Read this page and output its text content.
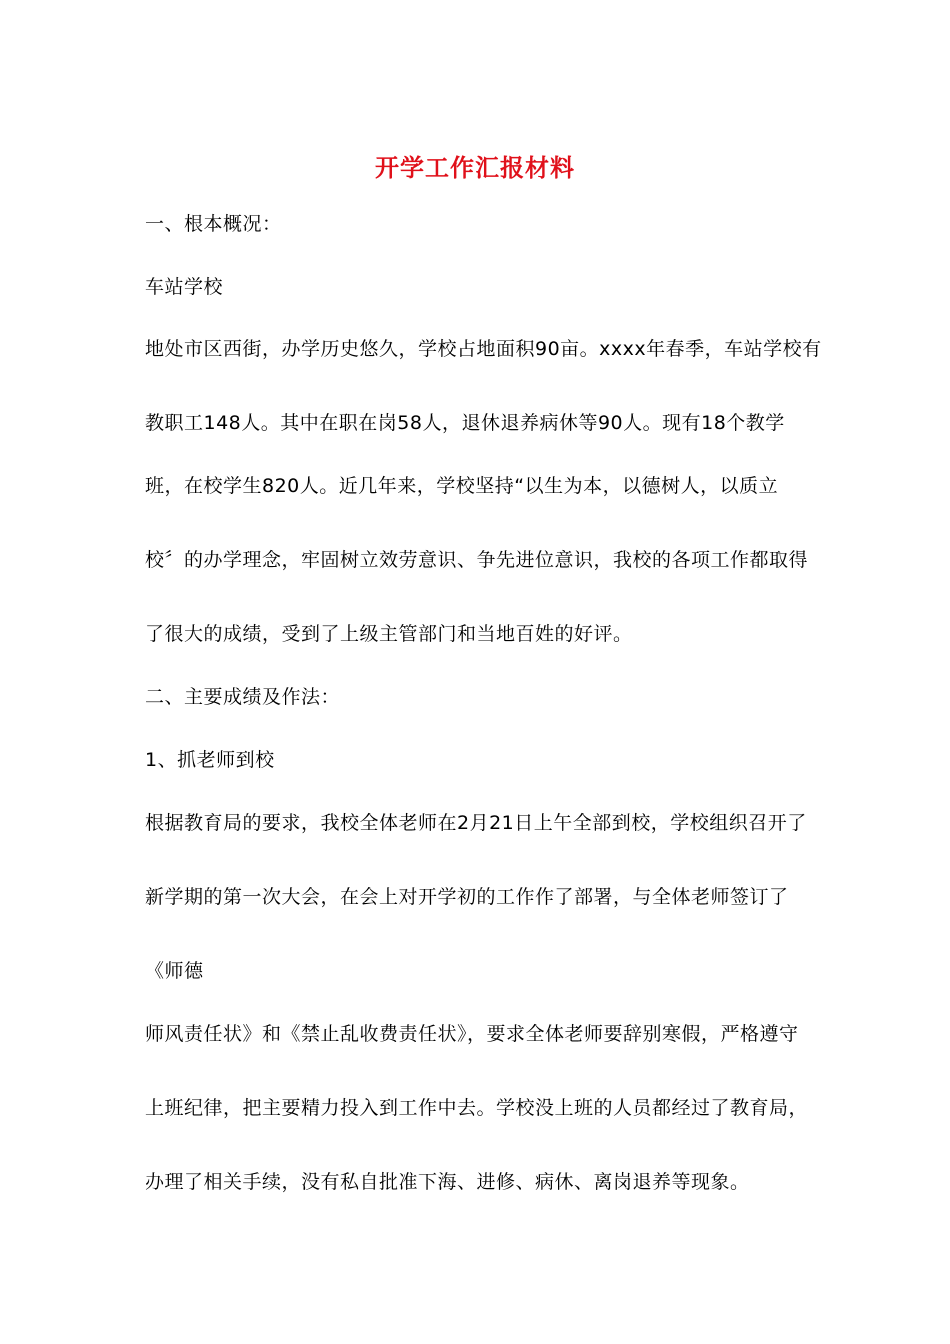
开学工作汇报材料
一、根本概况：
车站学校
地处市区西街，办学历史悠久，学校占地面积90亩。xxxx年春季，车站学校有
教职工148人。其中在职在岗58人，退休退养病休等90人。现有18个教学
班，在校学生820人。近几年来，学校坚持“以生为本，以德树人，以质立
校〞的办学理念，牢固树立效劳意识、争先进位意识，我校的各项工作都取得
了很大的成绩，受到了上级主管部门和当地百姓的好评。
二、主要成绩及作法：
1、抓老师到校
根据教育局的要求，我校全体老师在2月21日上午全部到校，学校组织召开了
新学期的第一次大会，在会上对开学初的工作作了部署，与全体老师签订了
《师德
师风责任状》和《禁止乱收费责任状》，要求全体老师要辞别寒假，严格遵守
上班纪律，把主要精力投入到工作中去。学校没上班的人员都经过了教育局，
办理了相关手续，没有私自批准下海、进修、病休、离岗退养等现象。
